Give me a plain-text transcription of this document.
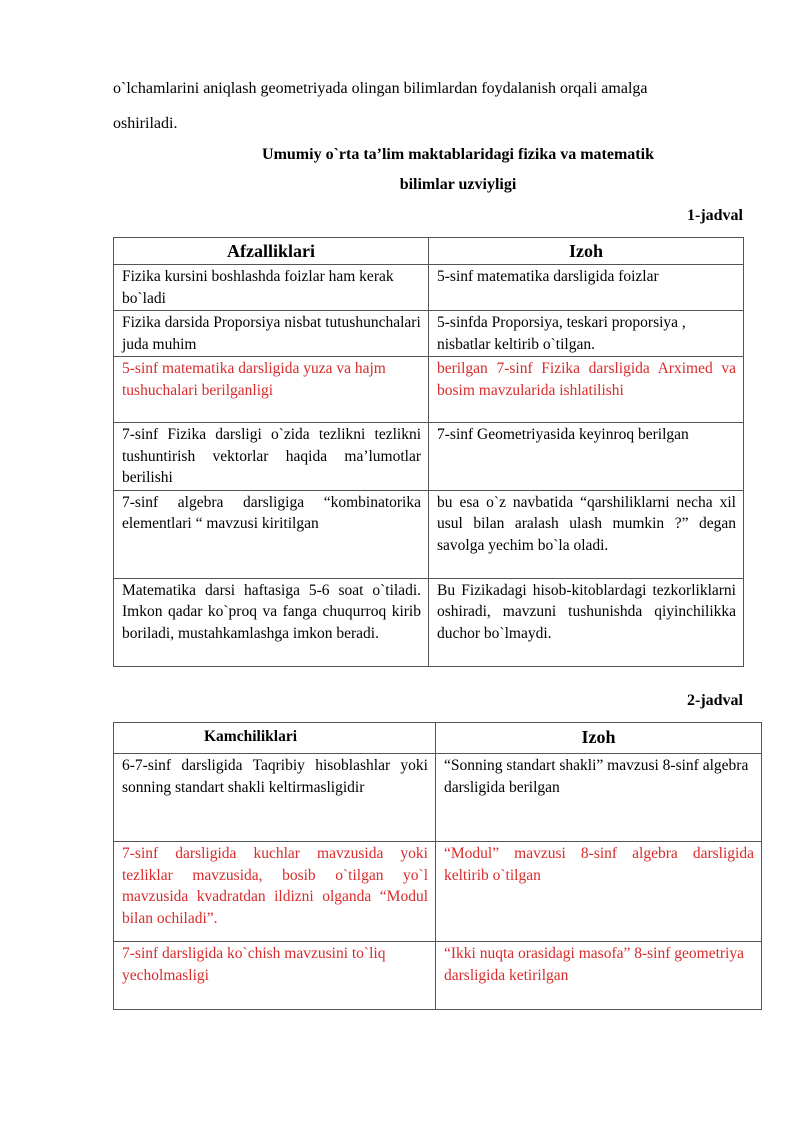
o`lchamlarini aniqlash geometriyada olingan bilimlardan foydalanish orqali amalga
oshiriladi.
Umumiy o`rta ta’lim maktablaridagi fizika va matematik
bilimlar uzviyligi
1-jadval
Afzalliklari	Izoh
Fizika kursini boshlashda foizlar ham kerak bo`ladi	5-sinf matematika darsligida foizlar
Fizika darsida Proporsiya nisbat tutushunchalari juda muhim	5-sinfda Proporsiya, teskari proporsiya , nisbatlar keltirib o`tilgan.
5-sinf matematika darsligida yuza va hajm tushuchalari berilganligi	berilgan 7-sinf Fizika darsligida Arximed va bosim mavzularida ishlatilishi
7-sinf Fizika darsligi o`zida tezlikni tezlikni tushuntirish vektorlar haqida ma’lumotlar berilishi	7-sinf Geometriyasida keyinroq berilgan
7-sinf algebra darsligiga “kombinatorika elementlari “ mavzusi kiritilgan	bu esa o`z navbatida “qarshiliklarni necha xil usul bilan aralash ulash mumkin ?” degan savolga yechim bo`la oladi.
Matematika darsi haftasiga 5-6 soat o`tiladi. Imkon qadar ko`proq va fanga chuqurroq kirib boriladi, mustahkamlashga imkon beradi.	Bu Fizikadagi hisob-kitoblardagi tezkorliklarni oshiradi, mavzuni tushunishda qiyinchilikka duchor bo`lmaydi.
2-jadval
Kamchiliklari	Izoh
6-7-sinf darsligida Taqribiy hisoblashlar yoki sonning standart shakli keltirmasligidir	“Sonning standart shakli” mavzusi 8-sinf algebra darsligida berilgan
7-sinf darsligida kuchlar mavzusida yoki tezliklar mavzusida, bosib o`tilgan yo`l mavzusida kvadratdan ildizni olganda “Modul bilan ochiladi”.	“Modul” mavzusi 8-sinf algebra darsligida keltirib o`tilgan
7-sinf darsligida ko`chish mavzusini to`liq yecholmasligi	“Ikki nuqta orasidagi masofa” 8-sinf geometriya darsligida ketirilgan
